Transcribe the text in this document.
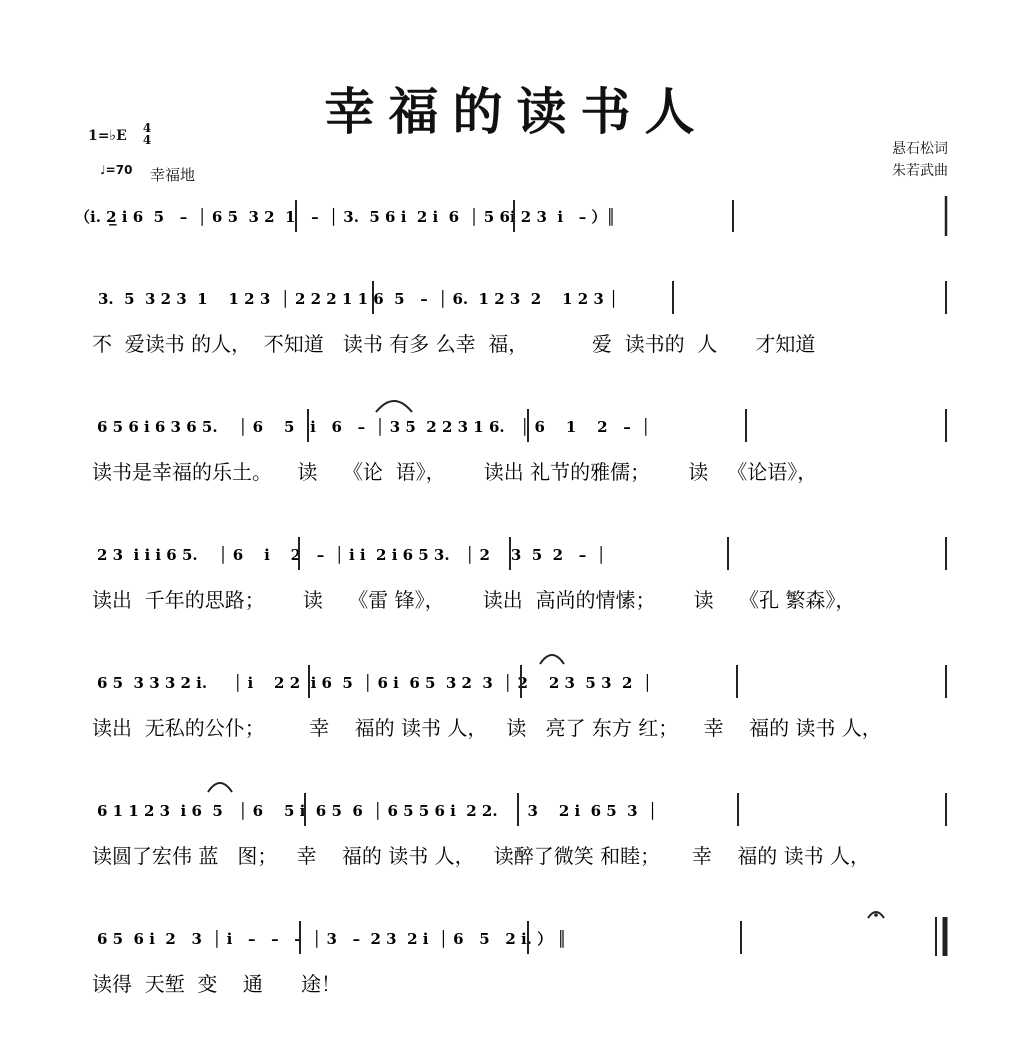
幸福的读书人
1=♭E 4
4
♩=70 幸福地
悬石松词
朱若武曲
（i. 2̲ i 6  5   –  │ 6 5  3 2  1   –  │ 3.  5 6 i  2 i  6  │ 5 6i 2 3  i   – ）║
3.  5  3 2 3  1    1 2 3  │ 2 2 2 1 1 6  5   –  │ 6.  1 2 3  2    1 2 3 │
不  爱读书 的人，  不知道   读书 有多 么幸  福，          爱  读书的  人      才知道
6 5 6 i 6 3 6 5.    │ 6    5   i   6   –  │ 3 5  2 2 3 1 6.   │ 6    1    2   –  │
读书是幸福的乐土。    读    《论  语》，      读出 礼节的雅儒；      读   《论语》，
2 3  i i i 6 5.    │ 6    i    2   –  │ i i  2 i 6 5 3.   │ 2    3  5  2   –  │
读出  千年的思路；      读    《雷 锋》，      读出  高尚的情愫；      读    《孔 繁森》，
6 5  3 3 3 2 i.     │ i    2 2  i 6  5  │ 6 i  6 5  3 2  3  │ 2    2 3  5 3  2  │
读出  无私的公仆；       幸    福的 读书 人，   读   亮了 东方 红；    幸    福的 读书 人，
6 1 1 2 3  i 6  5   │ 6    5 i  6 5  6  │ 6 5 5 6 i  2 2.   │ 3    2 i  6 5  3  │
读圆了宏伟 蓝   图；   幸    福的 读书 人，   读醉了微笑 和睦；     幸    福的 读书 人，
6 5  6 i  2   3  │ i   –   –   –  │ 3   –  2 3  2 i  │ 6   5   2 i. ） ║
读得  天堑  变    通      途！
